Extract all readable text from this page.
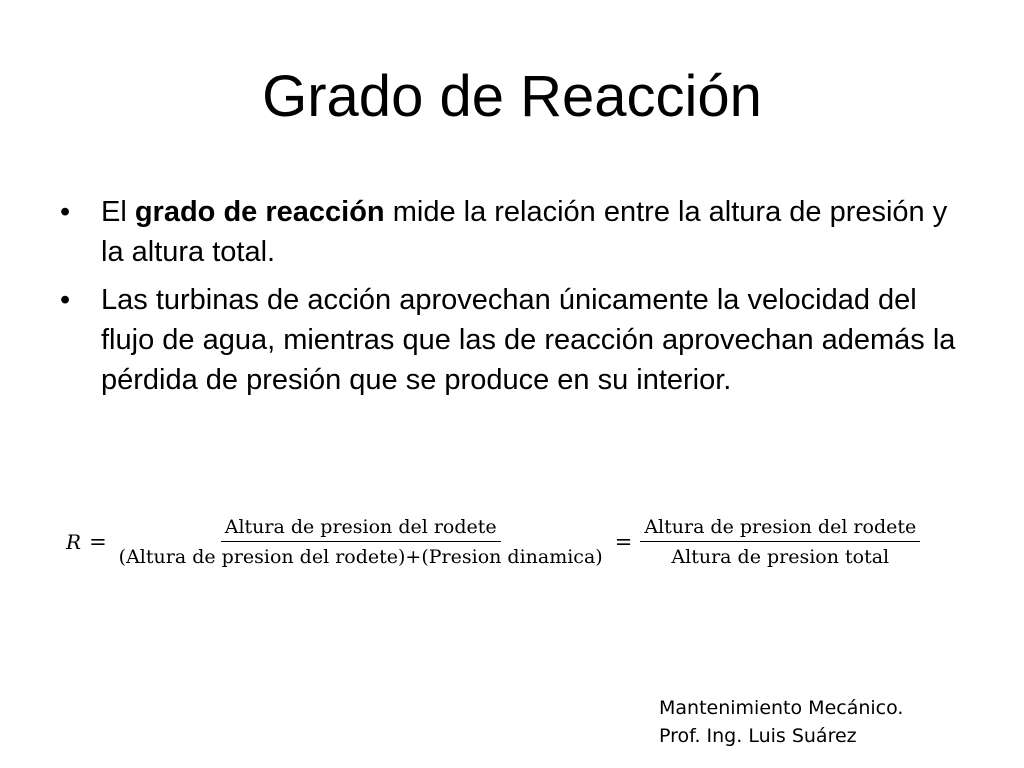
Grado de Reacción
• El grado de reacción mide la relación entre la altura de presión y la altura total.
• Las turbinas de acción aprovechan únicamente la velocidad del flujo de agua, mientras que las de reacción aprovechan además la pérdida de presión que se produce en su interior.
$R = \frac{\text{Altura de presion del rodete}}{\text{(Altura de presion del rodete)+(Presion dinamica)}} = \frac{\text{Altura de presion del rodete}}{\text{Altura de presion total}}$
Mantenimiento Mecánico.
Prof. Ing. Luis Suárez
